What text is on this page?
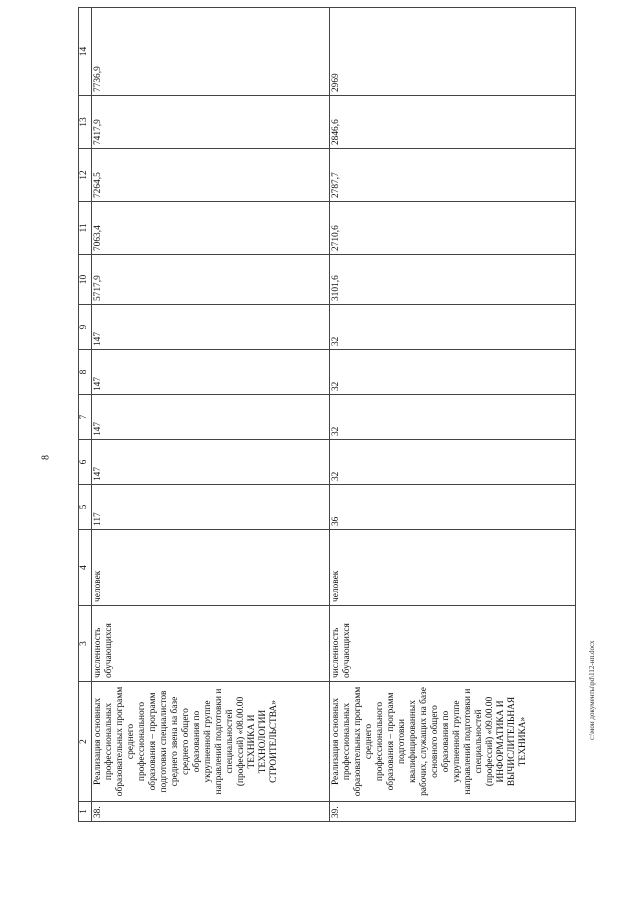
8
1	2	3	4	5	6	7	8	9	10	11	12	13	14
38.	Реализация основных профессиональных образовательных программ среднего профессионального образования – программ подготовки специалистов среднего звена на базе среднего общего образования по укрупненной группе направлений подготовки и специальностей (профессий) «08.00.00 ТЕХНИКА И ТЕХНОЛОГИИ СТРОИТЕЛЬСТВА»	численность обучающихся	человек	117	147	147	147	147	5717,9	7063,4	7264,5	7417,9	7736,9
39.	Реализация основных профессиональных образовательных программ среднего профессионального образования – программ подготовки квалифицированных рабочих, служащих на базе основного общего образования по укрупненной группе направлений подготовки и специальностей (профессий) «09.00.00 ИНФОРМАТИКА И ВЫЧИСЛИТЕЛЬНАЯ ТЕХНИКА»	численность обучающихся	человек	36	32	32	32	32	3101,6	2710,6	2787,7	2846,6	2969
c:\мои документы\pd\112-нп.docx
